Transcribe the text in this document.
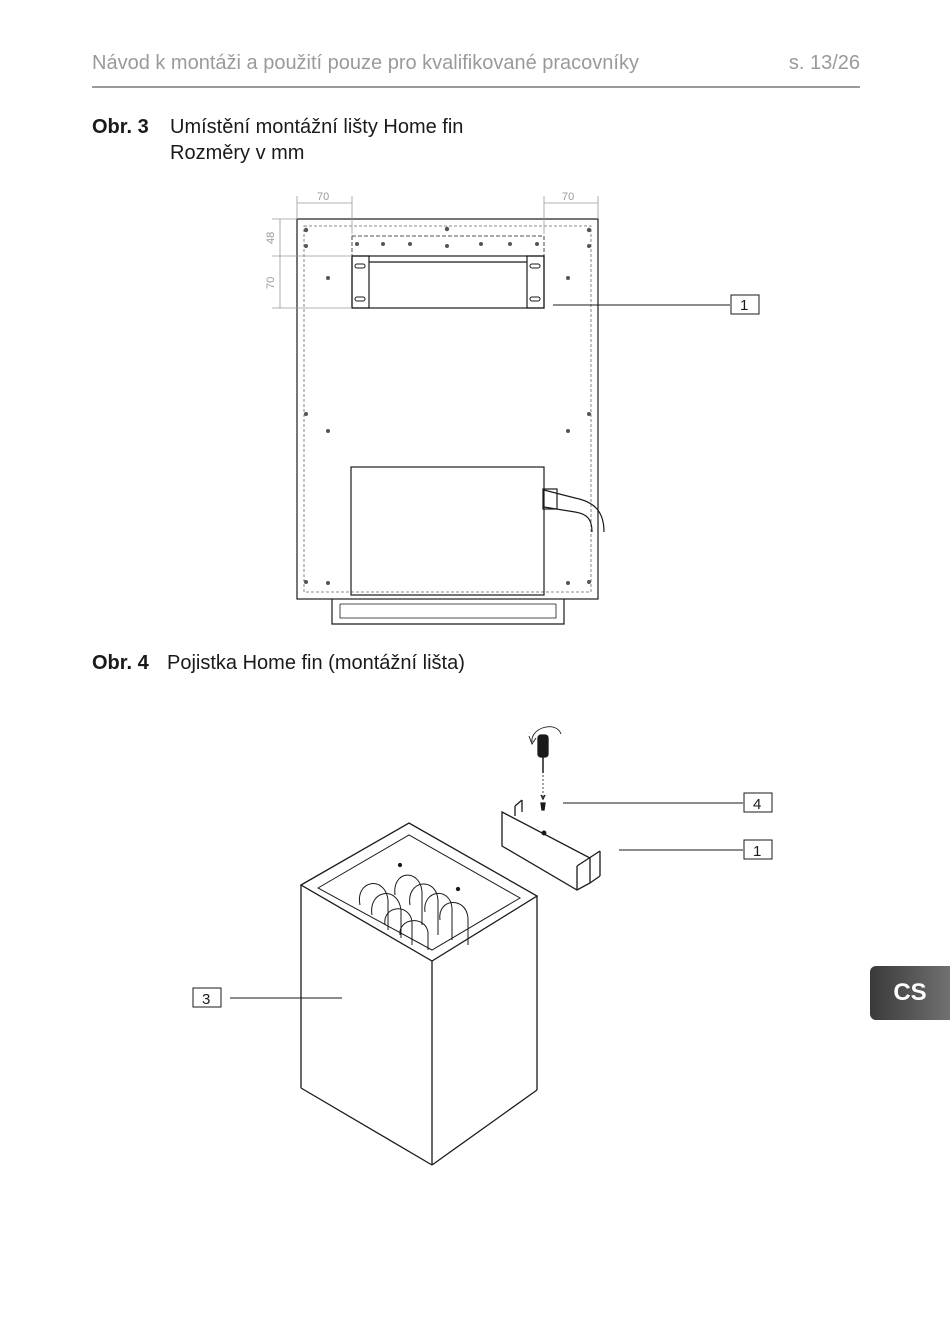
Návod k montáži a použití pouze pro kvalifikované pracovníky	s. 13/26
Obr. 3 Umístění montážní lišty Home fin
Rozměry v mm
70	70
48
70
1
Obr. 4 Pojistka Home fin (montážní lišta)
4
1
3	CS
